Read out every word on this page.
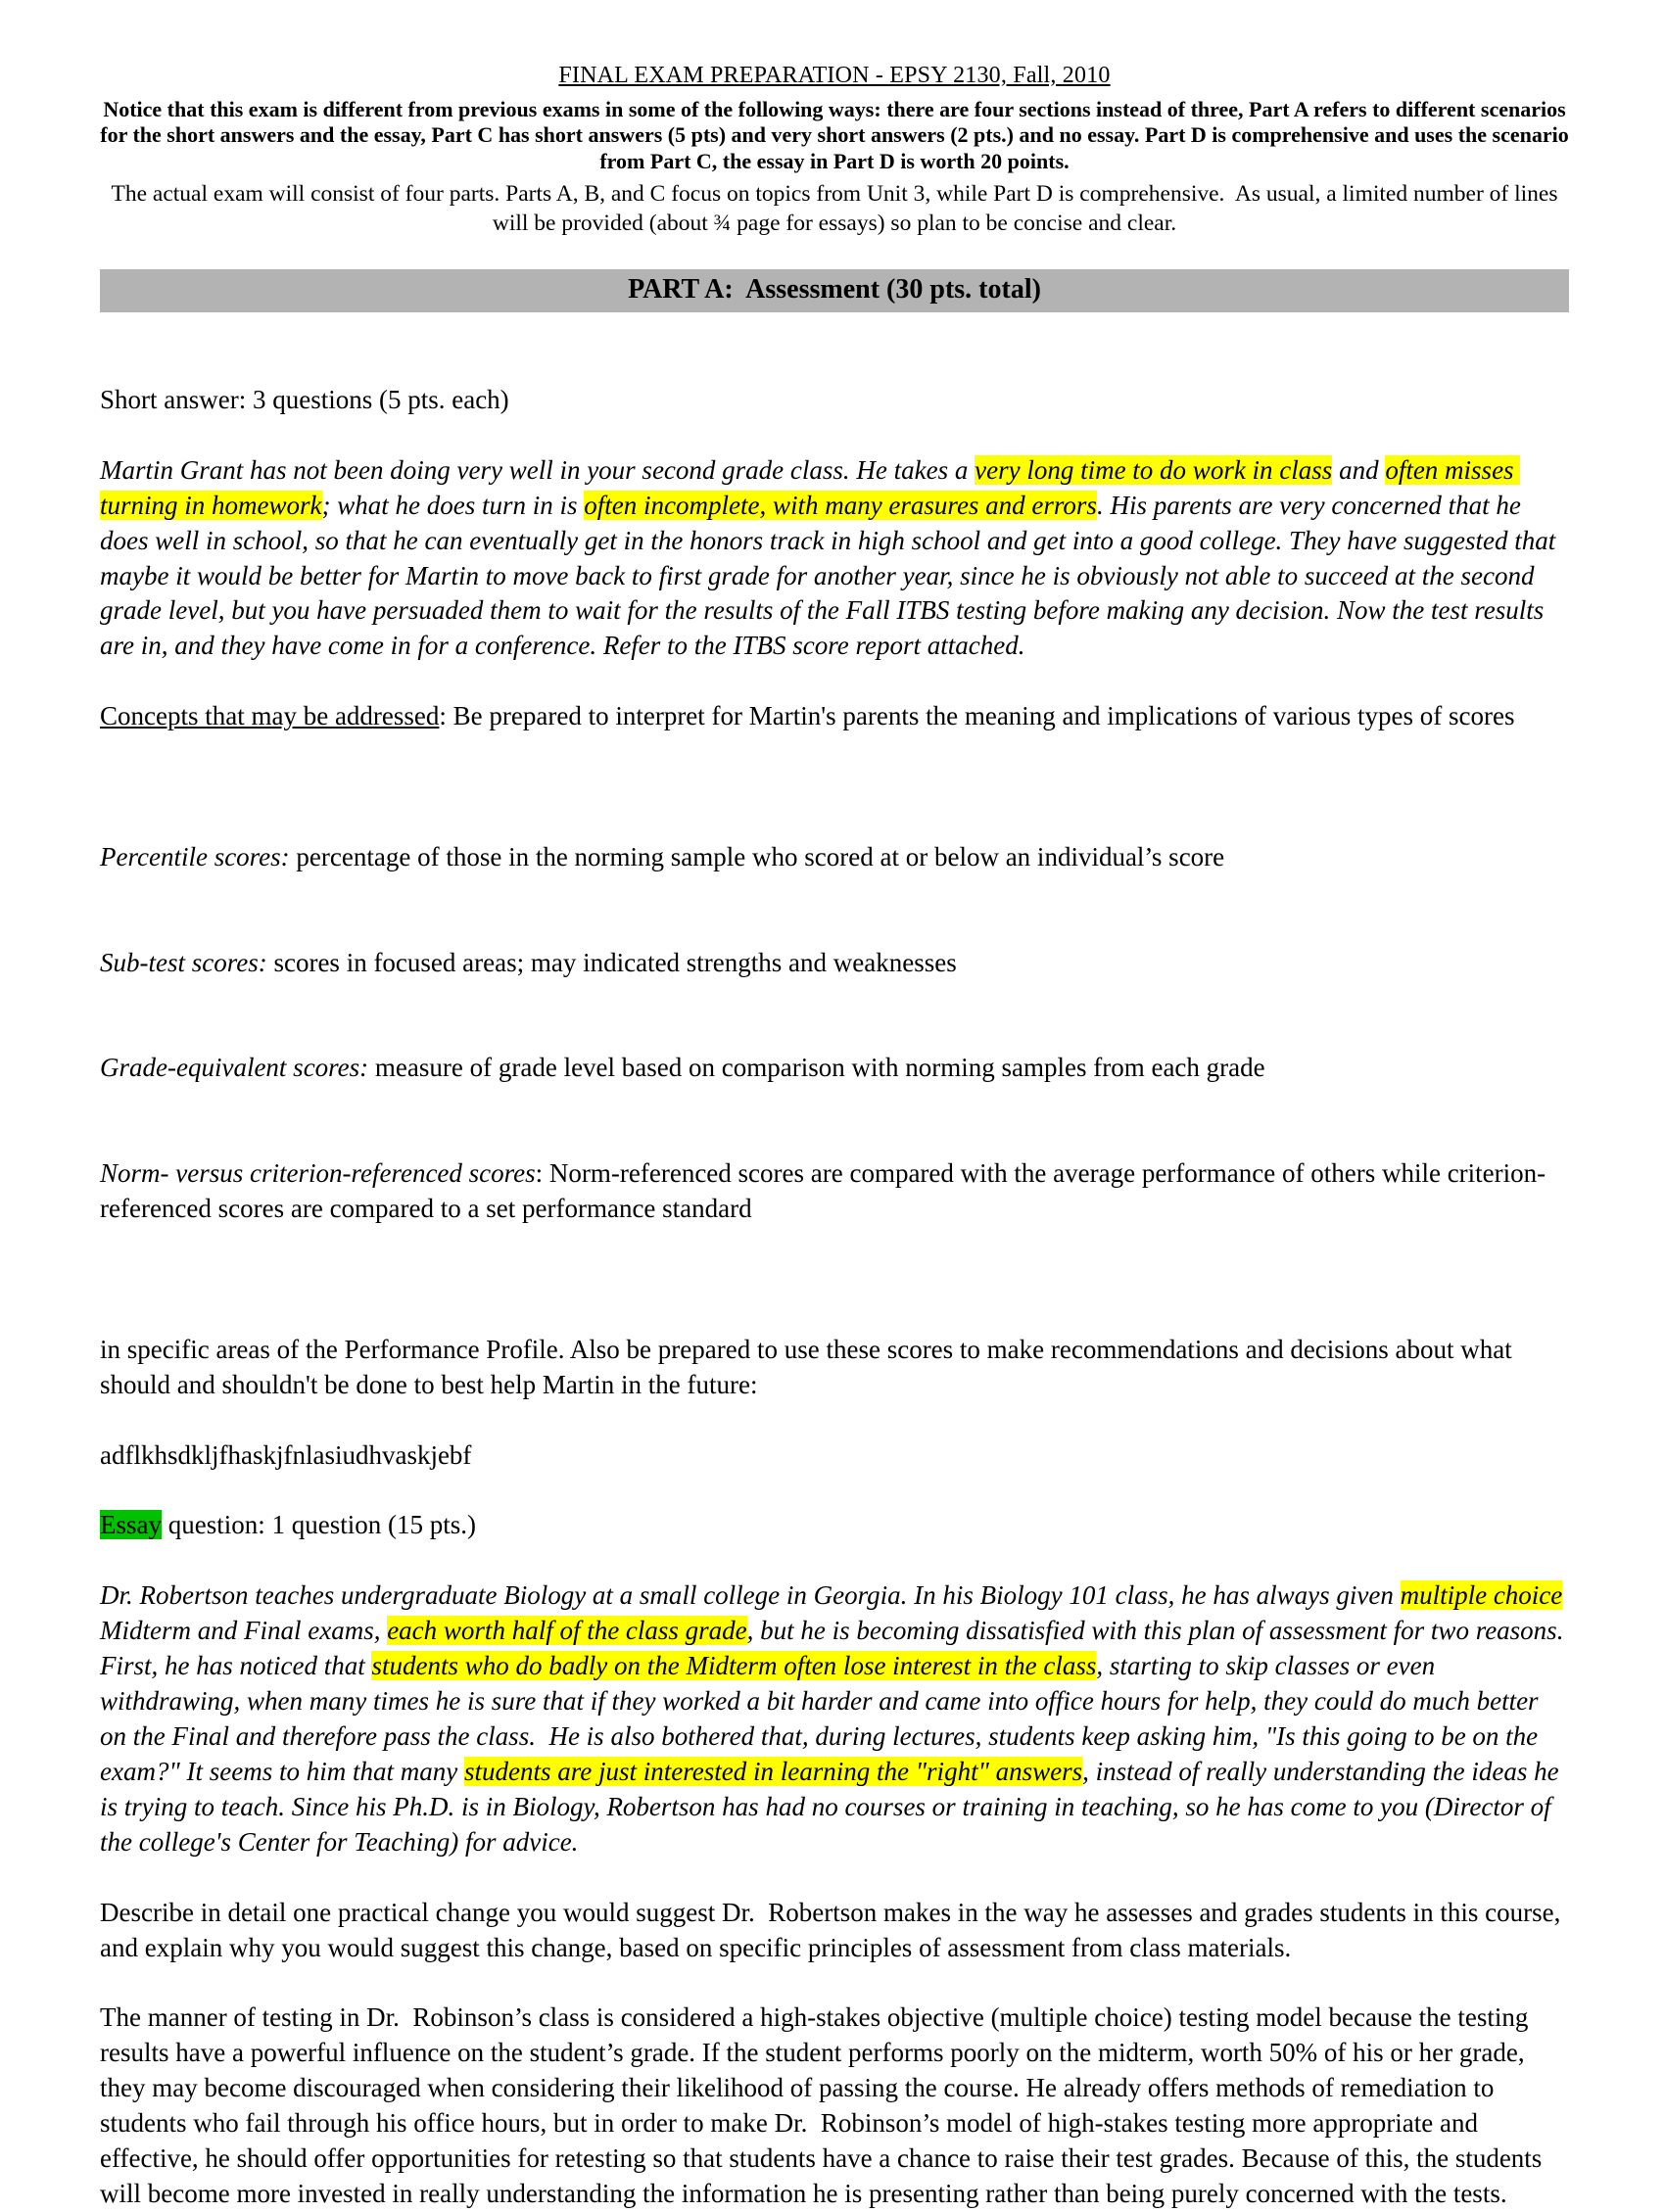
FINAL EXAM PREPARATION - EPSY 2130, Fall, 2010
Notice that this exam is different from previous exams in some of the following ways: there are four sections instead of three, Part A refers to different scenarios for the short answers and the essay, Part C has short answers (5 pts) and very short answers (2 pts.) and no essay. Part D is comprehensive and uses the scenario from Part C, the essay in Part D is worth 20 points.
The actual exam will consist of four parts. Parts A, B, and C focus on topics from Unit 3, while Part D is comprehensive.  As usual, a limited number of lines will be provided (about ¾ page for essays) so plan to be concise and clear.
PART A:  Assessment (30 pts. total)
Short answer: 3 questions (5 pts. each)
Martin Grant has not been doing very well in your second grade class. He takes a very long time to do work in class and often misses turning in homework; what he does turn in is often incomplete, with many erasures and errors. His parents are very concerned that he does well in school, so that he can eventually get in the honors track in high school and get into a good college. They have suggested that maybe it would be better for Martin to move back to first grade for another year, since he is obviously not able to succeed at the second grade level, but you have persuaded them to wait for the results of the Fall ITBS testing before making any decision. Now the test results are in, and they have come in for a conference. Refer to the ITBS score report attached.
Concepts that may be addressed: Be prepared to interpret for Martin's parents the meaning and implications of various types of scores

Percentile scores: percentage of those in the norming sample who scored at or below an individual’s score

Sub-test scores: scores in focused areas; may indicated strengths and weaknesses

Grade-equivalent scores: measure of grade level based on comparison with norming samples from each grade

Norm- versus criterion-referenced scores: Norm-referenced scores are compared with the average performance of others while criterion-referenced scores are compared to a set performance standard

in specific areas of the Performance Profile. Also be prepared to use these scores to make recommendations and decisions about what should and shouldn't be done to best help Martin in the future:
adflkhsdkljfhaskjfnlasiudhvaskjebf
Essay question: 1 question (15 pts.)
Dr. Robertson teaches undergraduate Biology at a small college in Georgia. In his Biology 101 class, he has always given multiple choice Midterm and Final exams, each worth half of the class grade, but he is becoming dissatisfied with this plan of assessment for two reasons.  First, he has noticed that students who do badly on the Midterm often lose interest in the class, starting to skip classes or even withdrawing, when many times he is sure that if they worked a bit harder and came into office hours for help, they could do much better on the Final and therefore pass the class.  He is also bothered that, during lectures, students keep asking him, "Is this going to be on the exam?" It seems to him that many students are just interested in learning the "right" answers, instead of really understanding the ideas he is trying to teach. Since his Ph.D. is in Biology, Robertson has had no courses or training in teaching, so he has come to you (Director of the college's Center for Teaching) for advice.
Describe in detail one practical change you would suggest Dr.  Robertson makes in the way he assesses and grades students in this course, and explain why you would suggest this change, based on specific principles of assessment from class materials.
The manner of testing in Dr.  Robinson’s class is considered a high-stakes objective (multiple choice) testing model because the testing results have a powerful influence on the student’s grade. If the student performs poorly on the midterm, worth 50% of his or her grade, they may become discouraged when considering their likelihood of passing the course. He already offers methods of remediation to students who fail through his office hours, but in order to make Dr.  Robinson’s model of high-stakes testing more appropriate and effective, he should offer opportunities for retesting so that students have a chance to raise their test grades. Because of this, the students will become more invested in really understanding the information he is presenting rather than being purely concerned with the tests.
